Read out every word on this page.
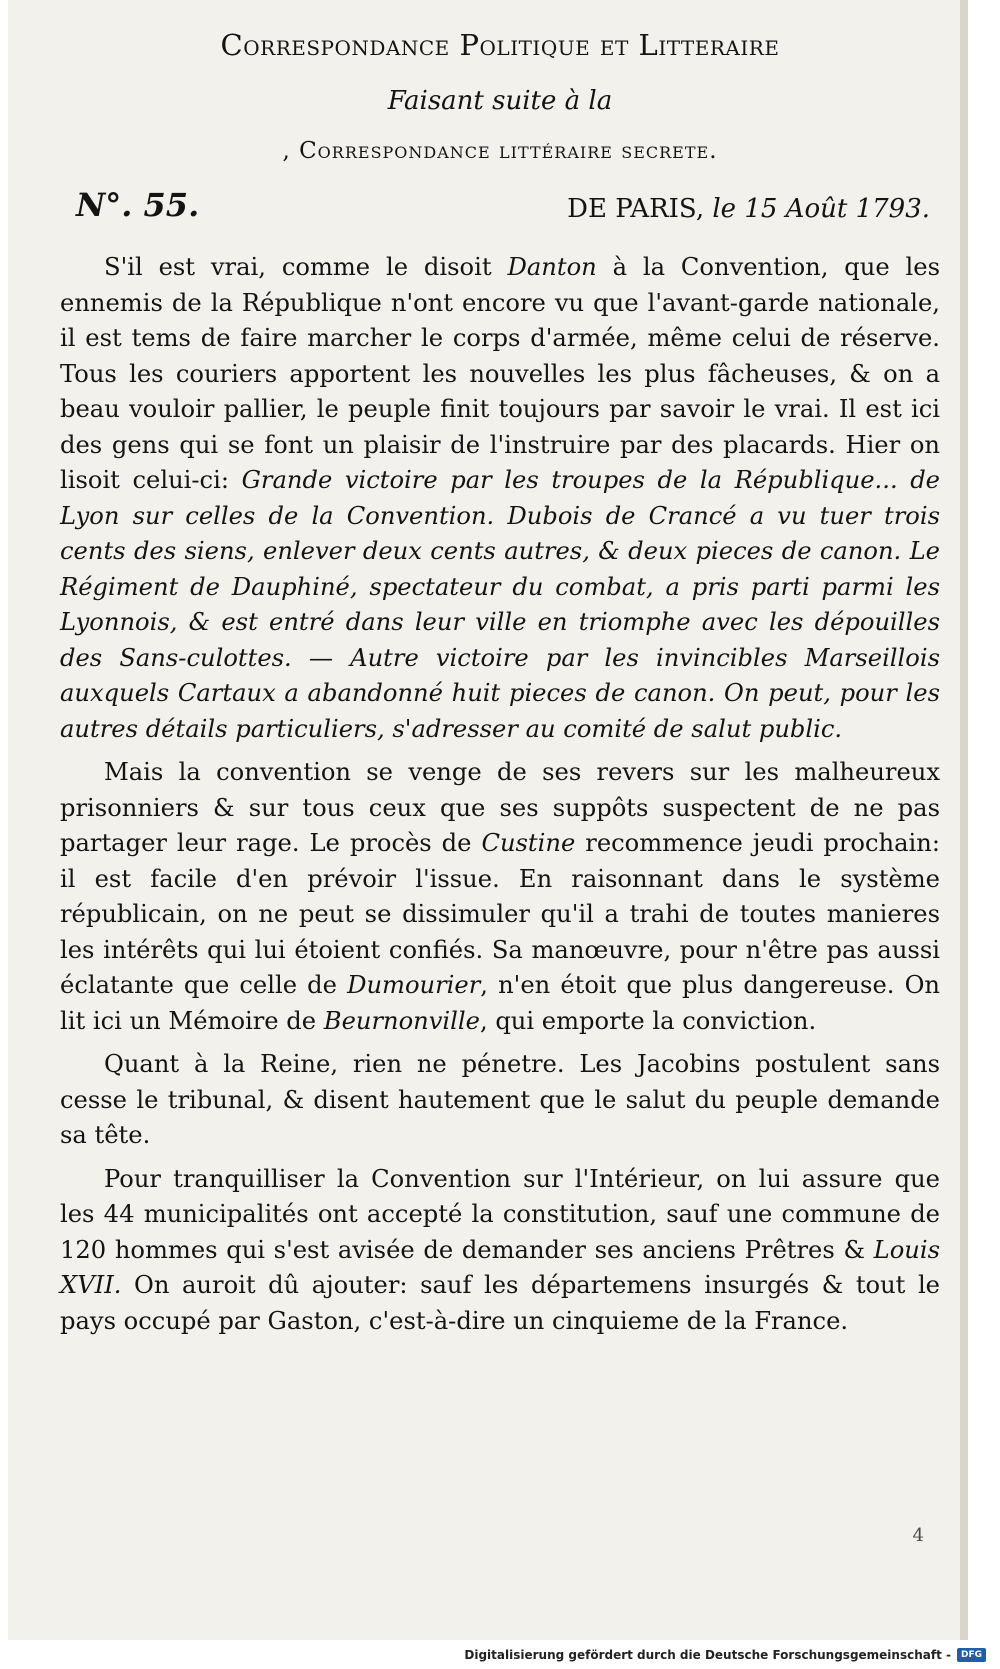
Correspondance Politique et Litteraire
Faisant suite à la
, Correspondance littéraire secrete.
N°. 55.	DE PARIS, le 15 Août 1793.

S'il est vrai, comme le disoit Danton à la Convention, que les ennemis de la République n'ont encore vu que l'avant-garde nationale, il est tems de faire marcher le corps d'armée, même celui de réserve. Tous les couriers apportent les nouvelles les plus fâcheuses, & on a beau vouloir pallier, le peuple finit toujours par savoir le vrai. Il est ici des gens qui se font un plaisir de l'instruire par des placards. Hier on lisoit celui-ci: Grande victoire par les troupes de la République... de Lyon sur celles de la Convention. Dubois de Crancé a vu tuer trois cents des siens, enlever deux cents autres, & deux pieces de canon. Le Régiment de Dauphiné, spectateur du combat, a pris parti parmi les Lyonnois, & est entré dans leur ville en triomphe avec les dépouilles des Sans-culottes. — Autre victoire par les invincibles Marseillois auxquels Cartaux a abandonné huit pieces de canon. On peut, pour les autres détails particuliers, s'adresser au comité de salut public.

Mais la convention se venge de ses revers sur les malheureux prisonniers & sur tous ceux que ses suppôts suspectent de ne pas partager leur rage. Le procès de Custine recommence jeudi prochain: il est facile d'en prévoir l'issue. En raisonnant dans le système républicain, on ne peut se dissimuler qu'il a trahi de toutes manieres les intérêts qui lui étoient confiés. Sa manœuvre, pour n'être pas aussi éclatante que celle de Dumourier, n'en étoit que plus dangereuse. On lit ici un Mémoire de Beurnonville, qui emporte la conviction.

Quant à la Reine, rien ne pénetre. Les Jacobins postulent sans cesse le tribunal, & disent hautement que le salut du peuple demande sa tête.

Pour tranquilliser la Convention sur l'Intérieur, on lui assure que les 44 municipalités ont accepté la constitution, sauf une commune de 120 hommes qui s'est avisée de demander ses anciens Prêtres & Louis XVII. On auroit dû ajouter: sauf les départemens insurgés & tout le pays occupé par Gaston, c'est-à-dire un cinquieme de la France.

4
Digitalisierung gefördert durch die Deutsche Forschungsgemeinschaft -	DFG
